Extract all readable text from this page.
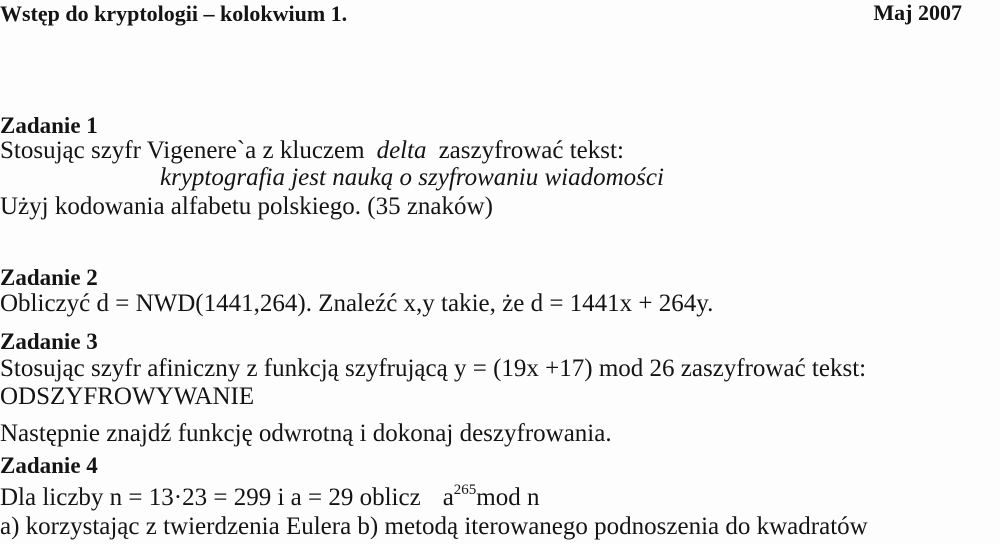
Wstęp do kryptologii – kolokwium 1.	Maj 2007
Zadanie 1
Stosując szyfr Vigenere`a z kluczem delta zaszyfrować tekst:
kryptografia jest nauką o szyfrowaniu wiadomości
Użyj kodowania alfabetu polskiego. (35 znaków)
Zadanie 2
Obliczyć d = NWD(1441,264). Znaleźć x,y takie, że d = 1441x + 264y.
Zadanie 3
Stosując szyfr afiniczny z funkcją szyfrującą y = (19x +17) mod 26 zaszyfrować tekst:
ODSZYFROWYWANIE
Następnie znajdź funkcję odwrotną i dokonaj deszyfrowania.
Zadanie 4
Dla liczby n = 13·23 = 299 i a = 29 oblicz $a^{265}mod$ n
a) korzystając z twierdzenia Eulera b) metodą iterowanego podnoszenia do kwadratów
